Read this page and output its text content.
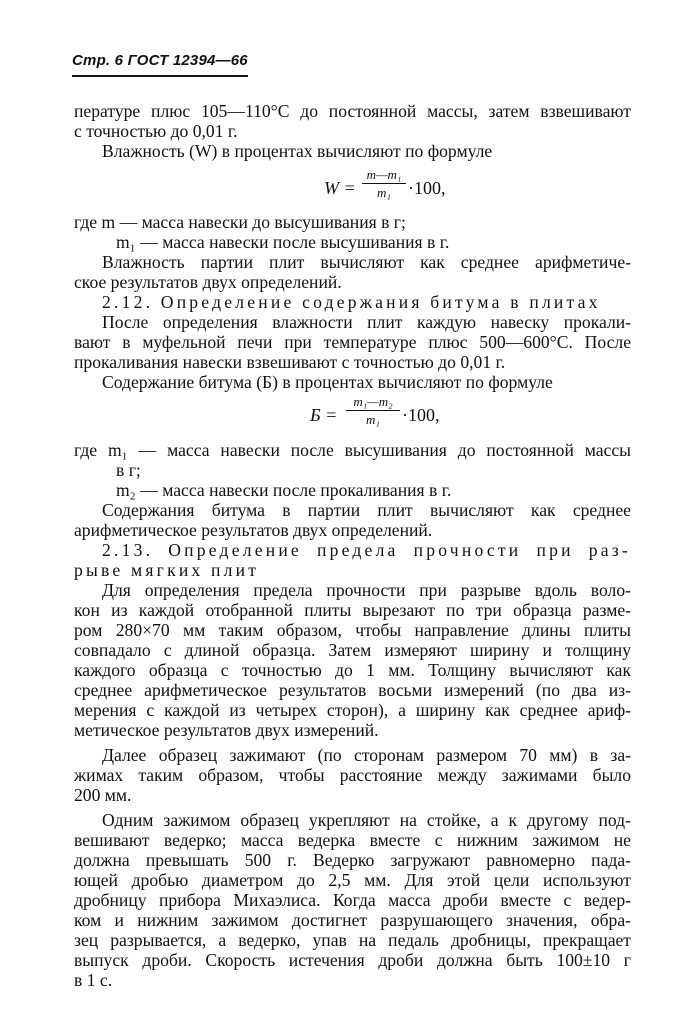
Стр. 6 ГОСТ 12394—66
пературе плюс 105—110°С до постоянной массы, затем взвешивают
с точностью до 0,01 г.
Влажность (W) в процентах вычисляют по формуле
W =
m—m₁
m₁ ·100,
где m — масса навески до высушивания в г;
m₁ — масса навески после высушивания в г.
Влажность партии плит вычисляют как среднее арифметиче-
ское результатов двух определений.
2.12. Определение содержания битума в плитах
После определения влажности плит каждую навеску прокали-
вают в муфельной печи при температуре плюс 500—600°С. После
прокаливания навески взвешивают с точностью до 0,01 г.
Содержание битума (Б) в процентах вычисляют по формуле
Б =
m₁—m₂
m₁	·100,
где m₁ — масса навески после высушивания до постоянной массы
в г;
m₂ — масса навески после прокаливания в г.
Содержания битума в партии плит вычисляют как среднее
арифметическое результатов двух определений.
2.13. Определение предела прочности при раз-
рыве мягких плит
Для определения предела прочности при разрыве вдоль воло-
кон из каждой отобранной плиты вырезают по три образца разме-
ром 280×70 мм таким образом, чтобы направление длины плиты
совпадало с длиной образца. Затем измеряют ширину и толщину
каждого образца с точностью до 1 мм. Толщину вычисляют как
среднее арифметическое результатов восьми измерений (по два из-
мерения с каждой из четырех сторон), а ширину как среднее ариф-
метическое результатов двух измерений.
Далее образец зажимают (по сторонам размером 70 мм) в за-
жимах таким образом, чтобы расстояние между зажимами было
200 мм.
Одним зажимом образец укрепляют на стойке, а к другому под-
вешивают ведерко; масса ведерка вместе с нижним зажимом не
должна превышать 500 г. Ведерко загружают равномерно пада-
ющей дробью диаметром до 2,5 мм. Для этой цели используют
дробницу прибора Михаэлиса. Когда масса дроби вместе с ведер-
ком и нижним зажимом достигнет разрушающего значения, обра-
зец разрывается, а ведерко, упав на педаль дробницы, прекращает
выпуск дроби. Скорость истечения дроби должна быть 100±10 г
в 1 с.
